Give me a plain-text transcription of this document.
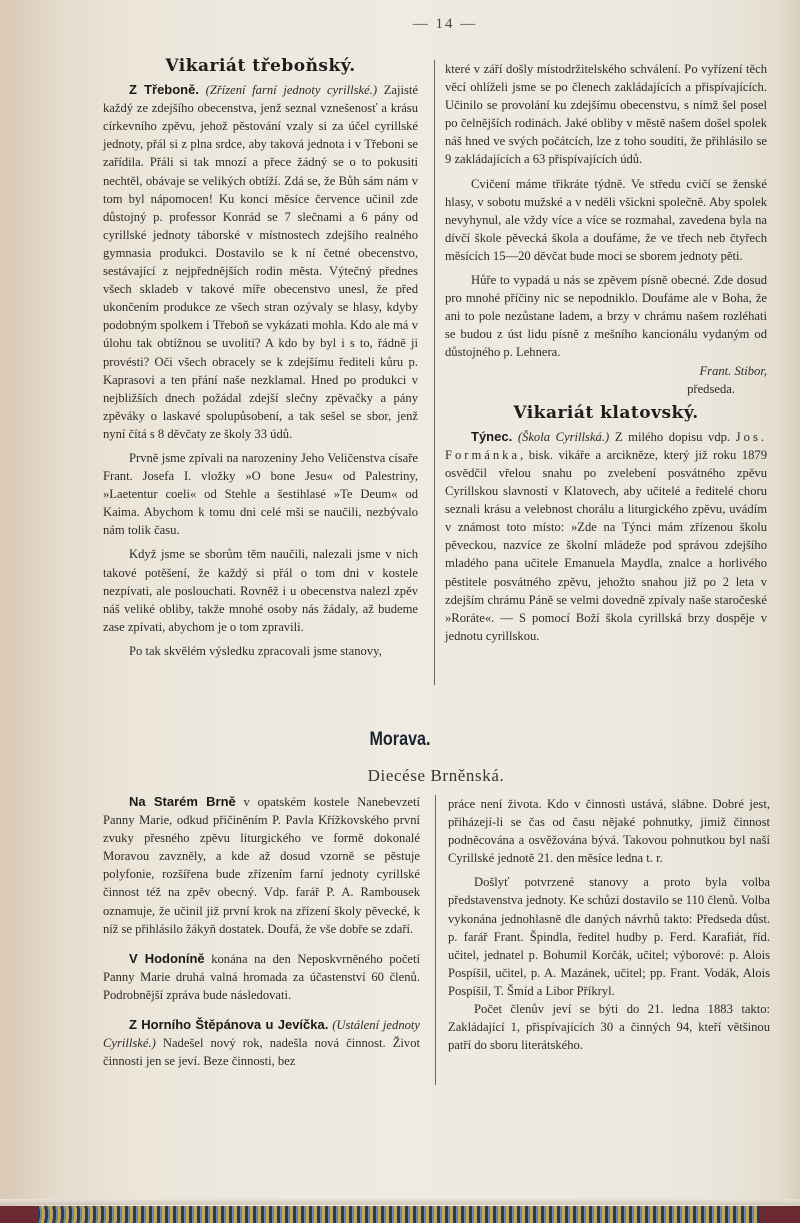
— 14 —
Vikariát třeboňský.

Z Třeboně. (Zřízení farní jednoty cyrillské.) Zajisté každý ze zdejšího obecenstva, jenž seznal vznešenosť a krásu církevního zpěvu, jehož pěstování vzaly si za účel cyrillské jednoty, přál si z plna srdce, aby taková jednota i v Třeboni se zařídila. Přáli si tak mnozí a přece žádný se o to pokusiti nechtěl, obávaje se velikých obtíží. Zdá se, že Bůh sám nám v tom byl nápomocen! Ku konci měsíce července učinil zde důstojný p. professor Konrád se 7 slečnami a 6 pány od cyrillské jednoty táborské v místnostech zdejšího realného gymnasia produkci. Dostavilo se k ní četné obecenstvo, sestávající z nejpřednějších rodin města. Výtečný přednes všech skladeb v takové míře obecenstvo unesl, že před ukončením produkce ze všech stran ozývaly se hlasy, kdyby podobným spolkem i Třeboň se vykázati mohla. Kdo ale má v úlohu tak obtížnou se uvoliti? A kdo by byl i s to, řádně ji provésti? Oči všech obracely se k zdejšímu řediteli kůru p. Kaprasovi a ten přání naše nezklamal. Hned po produkci v nejbližších dnech požádal zdejší slečny zpěvačky a pány zpěváky o laskavé spolupůsobení, a tak sešel se sbor, jenž nyní čítá s 8 děvčaty ze školy 33 údů.

Prvně jsme zpívali na narozeniny Jeho Veličenstva císaře Frant. Josefa I. vložky »O bone Jesu« od Palestriny, »Laetentur coeli« od Stehle a šestihlasé »Te Deum« od Kaima. Abychom k tomu dni celé mši se naučili, nezbývalo nám tolik času.

Když jsme se sborům těm naučili, nalezali jsme v nich takové potěšení, že každý si přál o tom dni v kostele nezpívati, ale poslouchati. Rovněž i u obecenstva nalezl zpěv náš veliké obliby, takže mnohé osoby nás žádaly, až budeme zase zpívati, abychom je o tom zpravili.

Po tak skvělém výsledku zpracovali jsme stanovy,

které v září došly místodržitelského schválení. Po vyřízení těch věcí ohlíželi jsme se po členech zakládajících a přispívajících. Učinilo se provolání ku zdejšímu obecenstvu, s nímž šel posel po čelnějších rodinách. Jaké obliby v městě našem došel spolek náš hned ve svých počátcích, lze z toho souditi, že přihlásilo se 9 zakládajících a 63 přispívajících údů.

Cvičení máme třikráte týdně. Ve středu cvičí se ženské hlasy, v sobotu mužské a v neděli všickni společně. Aby spolek nevyhynul, ale vždy více a více se rozmahal, zavedena byla na dívčí škole pěvecká škola a doufáme, že ve třech neb čtyřech měsících 15—20 děvčat bude moci se sborem jednoty pěti.

Hůře to vypadá u nás se zpěvem písně obecné. Zde dosud pro mnohé příčiny nic se nepodniklo. Doufáme ale v Boha, že ani to pole nezůstane ladem, a brzy v chrámu našem rozléhati se budou z úst lidu písně z mešního kancionálu vydaným od důstojného p. Lehnera.

Frant. Stibor,
předseda.
Vikariát klatovský.

Týnec. (Škola Cyrillská.) Z milého dopisu vdp. Jos. Formánka, bisk. vikáře a arcikněze, který již roku 1879 osvědčil vřelou snahu po zvelebení posvátného zpěvu Cyrillskou slavností v Klatovech, aby učitelé a ředitelé choru seznali krásu a velebnost chorálu a liturgického zpěvu, uvádím v známost toto místo: »Zde na Týnci mám zřízenou školu pěveckou, nazvíce ze školní mládeže pod správou zdejšího mladého pana učitele Emanuela Maydla, znalce a horlivého pěstitele posvátného zpěvu, jehožto snahou již po 2 leta v zdejším chrámu Páně se velmi dovedně zpívaly naše staročeské »Roráte«. — S pomocí Boží škola cyrillská brzy dospěje v jednotu cyrillskou.

Morava.
Diecése Brněnská.

Na Starém Brně v opatském kostele Nanebevzetí Panny Marie, odkud přičiněním P. Pavla Křížkovského první zvuky přesného zpěvu liturgického ve formě dokonalé Moravou zavzněly, a kde až dosud vzorně se pěstuje polyfonie, rozšířena bude zřízením farní jednoty cyrillské činnost též na zpěv obecný. Vdp. farář P. A. Rambousek oznamuje, že učinil již první krok na zřízení školy pěvecké, k níž se přihlásilo žákyň dostatek. Doufá, že vše dobře se zdaří.

V Hodoníně konána na den Neposkvrněného početí Panny Marie druhá valná hromada za účastenství 60 členů. Podrobnější zpráva bude následovati.

Z Horního Štěpánova u Jevíčka. (Ustálení jednoty Cyrillské.) Nadešel nový rok, nadešla nová činnost. Život činnosti jen se jeví. Beze činnosti, bez

práce není života. Kdo v činnosti ustává, slábne. Dobré jest, přiházejí-li se čas od času nějaké pohnutky, jimiž činnost podněcována a osvěžována bývá. Takovou pohnutkou byl naší Cyrillské jednotě 21. den měsíce ledna t. r.

Došlyť potvrzené stanovy a proto byla volba představenstva jednoty. Ke schůzi dostavilo se 110 členů. Volba vykonána jednohlasně dle daných návrhů takto: Předseda důst. p. farář Frant. Špindla, ředitel hudby p. Ferd. Karafiát, říd. učitel, jednatel p. Bohumil Korčák, učitel; výborové: p. Alois Pospíšil, učitel, p. A. Mazánek, učitel; pp. Frant. Vodák, Alois Pospíšil, T. Šmíd a Libor Příkryl.

Počet členův jeví se býti do 21. ledna 1883 takto: Zakládající 1, přispívajících 30 a činných 94, kteří většinou patří do sboru literátského.
